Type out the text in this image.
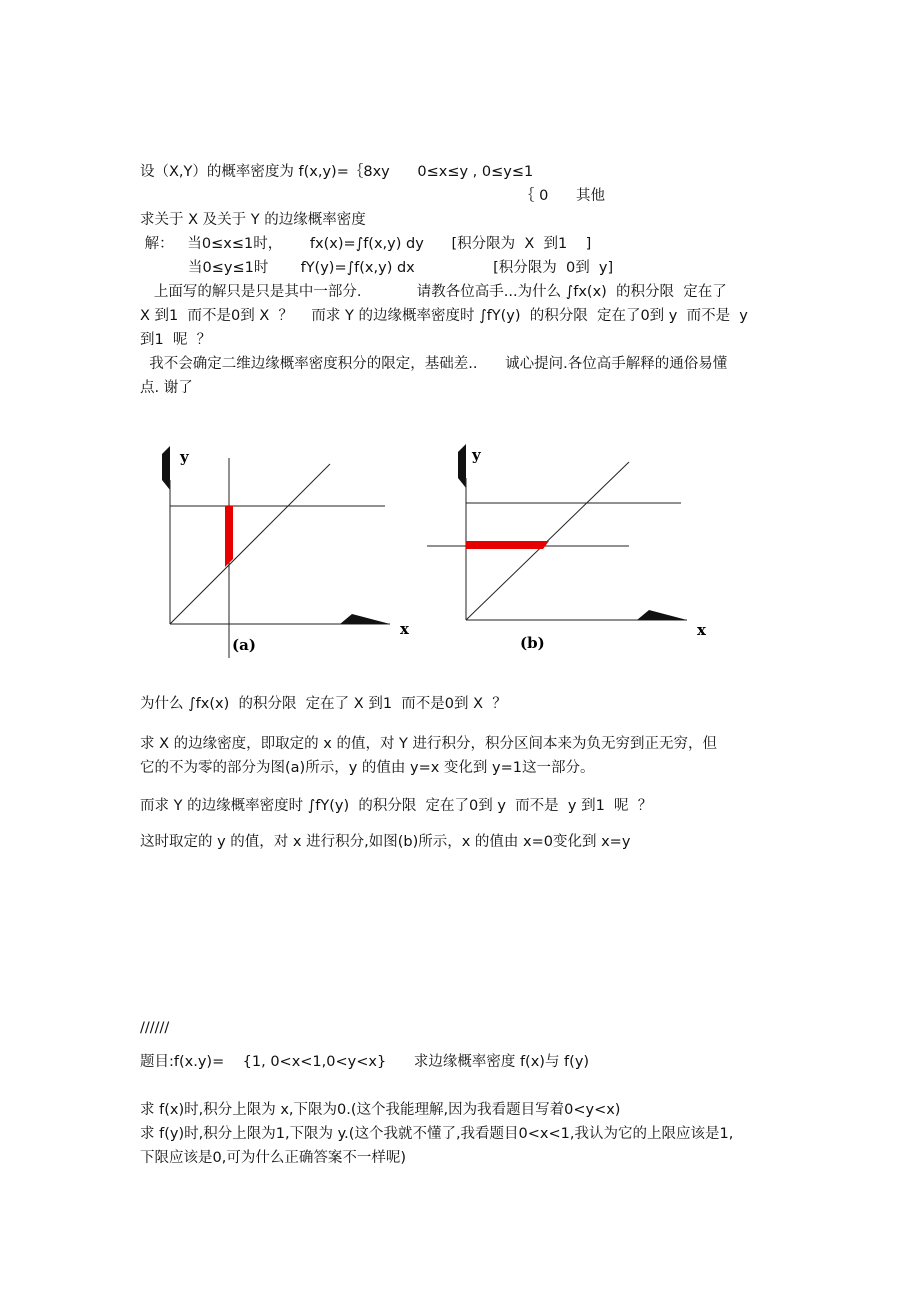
设（X,Y）的概率密度为 f(x,y)=｛8xy      0≤x≤y , 0≤y≤1
｛ 0      其他
求关于 X 及关于 Y 的边缘概率密度
解：   当0≤x≤1时，      fx(x)=∫f(x,y) dy      [积分限为  X  到1    ]
当0≤y≤1时       fY(y)=∫f(x,y) dx                 [积分限为  0到  y]
上面写的解只是只是其中一部分.            请教各位高手...为什么 ∫fx(x)  的积分限  定在了
X 到1  而不是0到 X  ？    而求 Y 的边缘概率密度时 ∫fY(y)  的积分限  定在了0到 y  而不是  y
到1  呢  ？
我不会确定二维边缘概率密度积分的限定，基础差..      诚心提问.各位高手解释的通俗易懂
点. 谢了
y
x
(a)
y
x
(b)
为什么 ∫fx(x)  的积分限  定在了 X 到1  而不是0到 X  ？
求 X 的边缘密度，即取定的 x 的值，对 Y 进行积分，积分区间本来为负无穷到正无穷，但
它的不为零的部分为图(a)所示，y 的值由 y=x 变化到 y=1这一部分。
而求 Y 的边缘概率密度时 ∫fY(y)  的积分限  定在了0到 y  而不是  y 到1  呢  ？
这时取定的 y 的值，对 x 进行积分,如图(b)所示，x 的值由 x=0变化到 x=y
//////
题目:f(x.y)=    {1, 0<x<1,0<y<x}      求边缘概率密度 f(x)与 f(y)
求 f(x)时,积分上限为 x,下限为0.(这个我能理解,因为我看题目写着0<y<x)
求 f(y)时,积分上限为1,下限为 y.(这个我就不懂了,我看题目0<x<1,我认为它的上限应该是1,
下限应该是0,可为什么正确答案不一样呢)
